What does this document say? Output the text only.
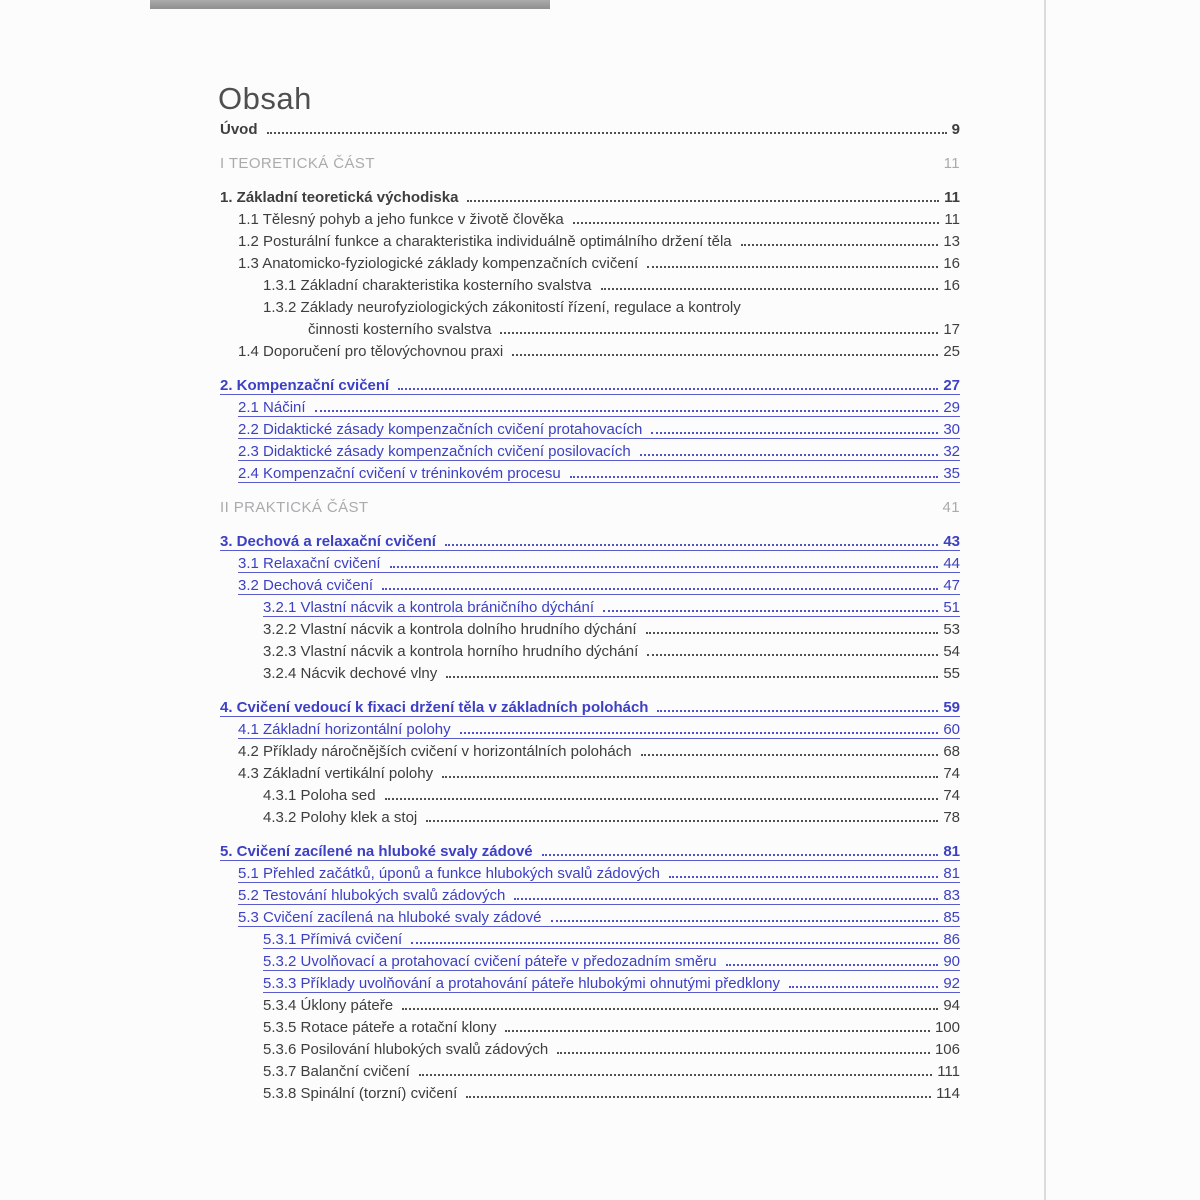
Obsah
Úvod	9
I TEORETICKÁ ČÁST	11
1. Základní teoretická východiska	11
1.1 Tělesný pohyb a jeho funkce v životě člověka	11
1.2 Posturální funkce a charakteristika individuálně optimálního držení těla	13
1.3 Anatomicko-fyziologické základy kompenzačních cvičení	16
1.3.1 Základní charakteristika kosterního svalstva	16
1.3.2 Základy neurofyziologických zákonitostí řízení, regulace a kontroly
činnosti kosterního svalstva	17
1.4 Doporučení pro tělovýchovnou praxi	25
2. Kompenzační cvičení	27
2.1 Náčiní	29
2.2 Didaktické zásady kompenzačních cvičení protahovacích	30
2.3 Didaktické zásady kompenzačních cvičení posilovacích	32
2.4 Kompenzační cvičení v tréninkovém procesu	35
II PRAKTICKÁ ČÁST	41
3. Dechová a relaxační cvičení	43
3.1 Relaxační cvičení	44
3.2 Dechová cvičení	47
3.2.1 Vlastní nácvik a kontrola bráničního dýchání	51
3.2.2 Vlastní nácvik a kontrola dolního hrudního dýchání	53
3.2.3 Vlastní nácvik a kontrola horního hrudního dýchání	54
3.2.4 Nácvik dechové vlny	55
4. Cvičení vedoucí k fixaci držení těla v základních polohách	59
4.1 Základní horizontální polohy	60
4.2 Příklady náročnějších cvičení v horizontálních polohách	68
4.3 Základní vertikální polohy	74
4.3.1 Poloha sed	74
4.3.2 Polohy klek a stoj	78
5. Cvičení zacílené na hluboké svaly zádové	81
5.1 Přehled začátků, úponů a funkce hlubokých svalů zádových	81
5.2 Testování hlubokých svalů zádových	83
5.3 Cvičení zacílená na hluboké svaly zádové	85
5.3.1 Přímivá cvičení	86
5.3.2 Uvolňovací a protahovací cvičení páteře v předozadním směru	90
5.3.3 Příklady uvolňování a protahování páteře hlubokými ohnutými předklony	92
5.3.4 Úklony páteře	94
5.3.5 Rotace páteře a rotační klony	100
5.3.6 Posilování hlubokých svalů zádových	106
5.3.7 Balanční cvičení	111
5.3.8 Spinální (torzní) cvičení	114
